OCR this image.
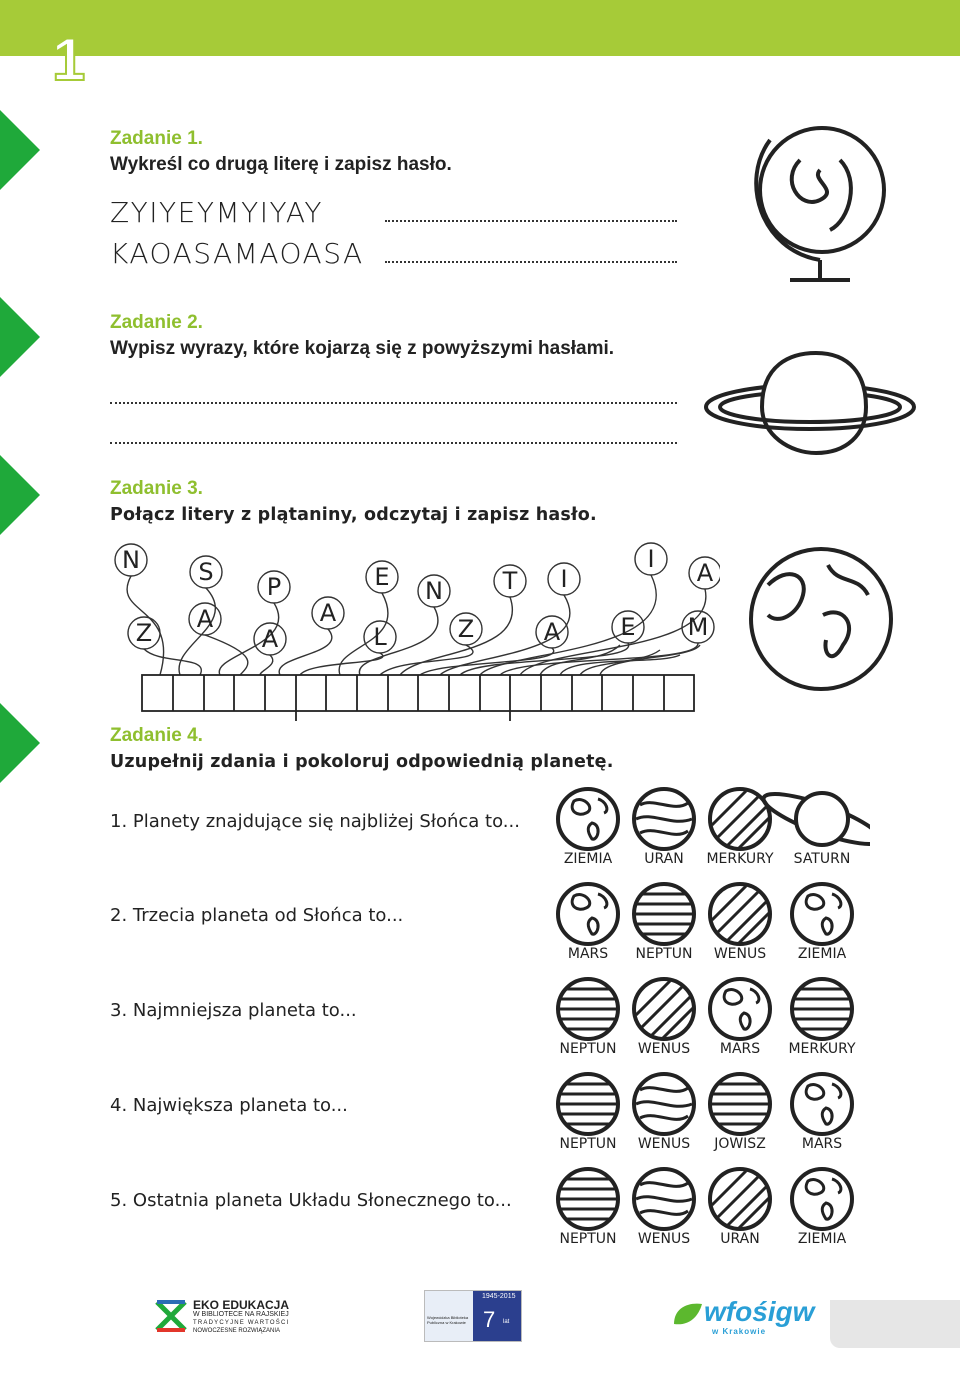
1
Zadanie 1.
Wykreśl co drugą literę i zapisz hasło.
ZYIYEYMYIYAY
KAOASAMAOASA
Zadanie 2.
Wypisz wyrazy, które kojarzą się z powyższymi hasłami.
Zadanie 3.
Połącz litery z plątaniny, odczytaj i zapisz hasło.
N S
P	E N T I
I A
Z A
A
A
L	Z	A	E M
Zadanie 4.
Uzupełnij zdania i pokoloruj odpowiednią planetę.
1. Planety znajdujące się najbliżej Słońca to...
2. Trzecia planeta od Słońca to...
3. Najmniejsza planeta to...
4. Największa planeta to...
5. Ostatnia planeta Układu Słonecznego to...
ZIEMIA	URAN	MERKURY	SATURN
MARS	NEPTUN	WENUS	ZIEMIA
NEPTUN	WENUS	MARS	MERKURY
NEPTUN	WENUS	JOWISZ	MARS
NEPTUN	WENUS	URAN	ZIEMIA
EKO EDUKACJA
W BIBLIOTECE NA RAJSKIEJ
TRADYCYJNE WARTOŚCI
NOWOCZESNE ROZWIĄZANIA
1945-2015
Wojewódzka Biblioteka Publiczna w Krakowie 7 lat	wfośigw
w Krakowie
